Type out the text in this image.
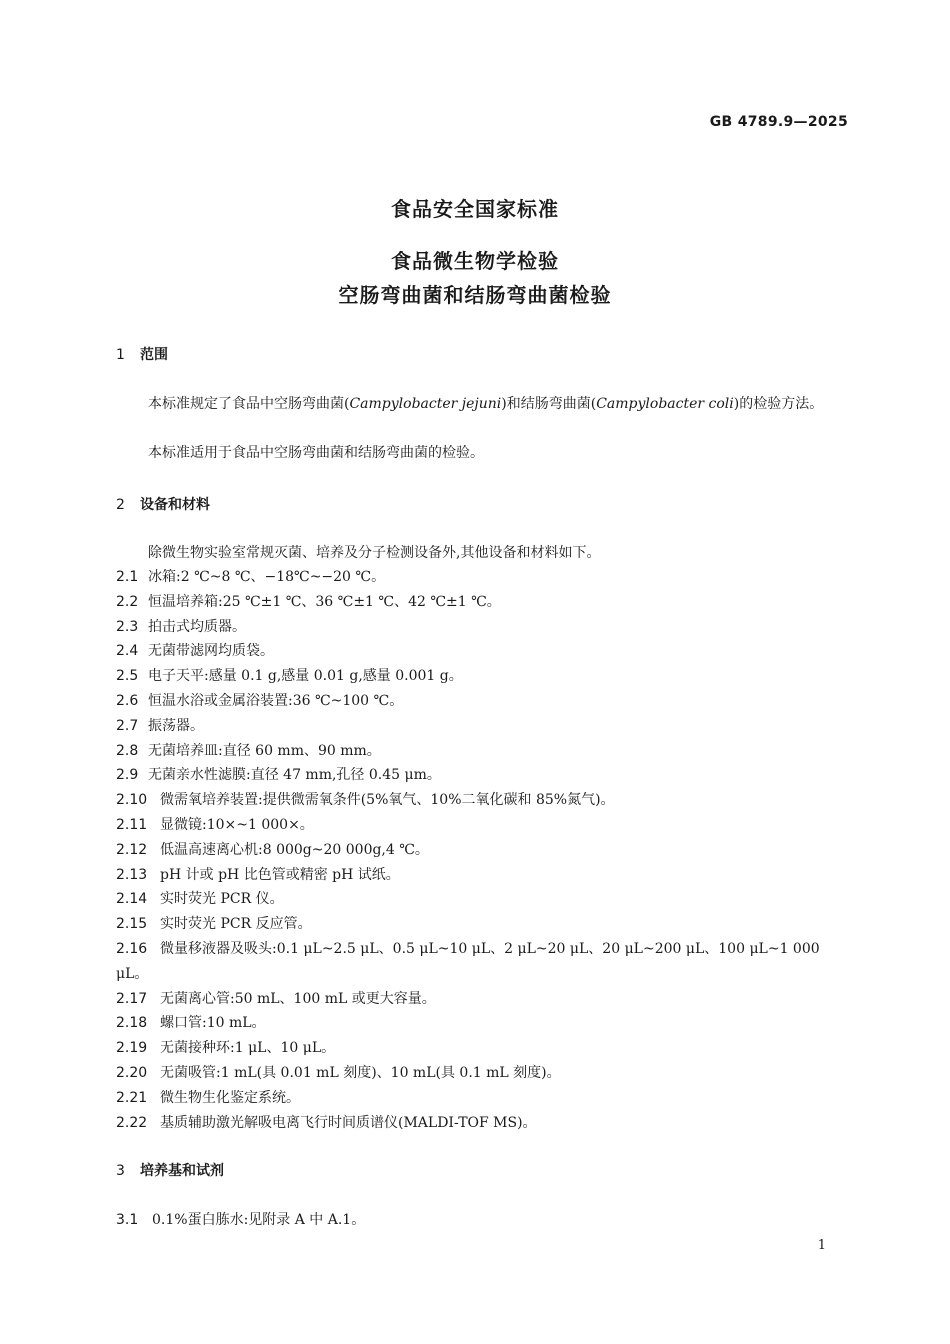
GB 4789.9—2025
食品安全国家标准
食品微生物学检验
空肠弯曲菌和结肠弯曲菌检验
1 范围
本标准规定了食品中空肠弯曲菌(Campylobacter jejuni)和结肠弯曲菌(Campylobacter coli)的检验方法。
本标准适用于食品中空肠弯曲菌和结肠弯曲菌的检验。
2 设备和材料
除微生物实验室常规灭菌、培养及分子检测设备外,其他设备和材料如下。
2.1 冰箱:2 ℃~8 ℃、−18℃~−20 ℃。
2.2 恒温培养箱:25 ℃±1 ℃、36 ℃±1 ℃、42 ℃±1 ℃。
2.3 拍击式均质器。
2.4 无菌带滤网均质袋。
2.5 电子天平:感量 0.1 g,感量 0.01 g,感量 0.001 g。
2.6 恒温水浴或金属浴装置:36 ℃~100 ℃。
2.7 振荡器。
2.8 无菌培养皿:直径 60 mm、90 mm。
2.9 无菌亲水性滤膜:直径 47 mm,孔径 0.45 μm。
2.10 微需氧培养装置:提供微需氧条件(5%氧气、10%二氧化碳和 85%氮气)。
2.11 显微镜:10×~1 000×。
2.12 低温高速离心机:8 000g~20 000g,4 ℃。
2.13 pH 计或 pH 比色管或精密 pH 试纸。
2.14 实时荧光 PCR 仪。
2.15 实时荧光 PCR 反应管。
2.16 微量移液器及吸头:0.1 μL~2.5 μL、0.5 μL~10 μL、2 μL~20 μL、20 μL~200 μL、100 μL~1 000 μL。
2.17 无菌离心管:50 mL、100 mL 或更大容量。
2.18 螺口管:10 mL。
2.19 无菌接种环:1 μL、10 μL。
2.20 无菌吸管:1 mL(具 0.01 mL 刻度)、10 mL(具 0.1 mL 刻度)。
2.21 微生物生化鉴定系统。
2.22 基质辅助激光解吸电离飞行时间质谱仪(MALDI-TOF MS)。
3 培养基和试剂
3.1 0.1%蛋白胨水:见附录 A 中 A.1。
1
